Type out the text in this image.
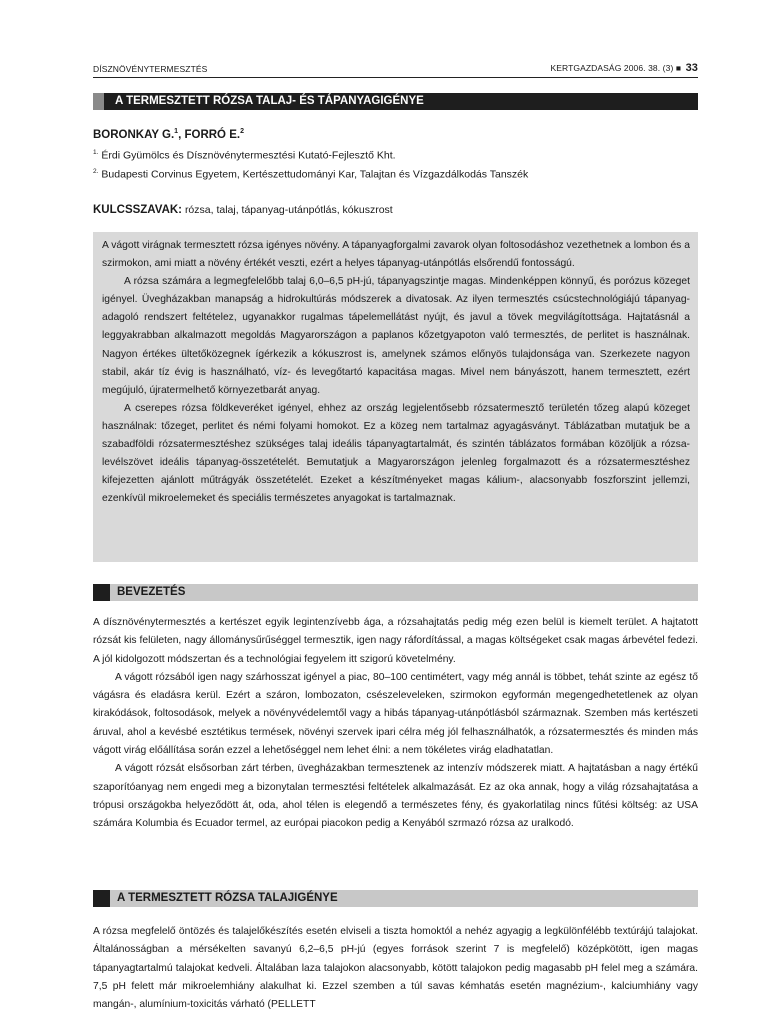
DÍSZNÖVÉNYTERMESZTÉS	KERTGAZDASÁG 2006. 38. (3) ■ 33
A TERMESZTETT RÓZSA TALAJ- ÉS TÁPANYAGIGÉNYE
BORONKAY G.$^1$, FORRÓ E.$^2$
$^{1.}$ Érdi Gyümölcs és Dísznövénytermesztési Kutató-Fejlesztő Kht.
$^{2.}$ Budapesti Corvinus Egyetem, Kertészettudományi Kar, Talajtan és Vízgazdálkodás Tanszék
KULCSSZAVAK: rózsa, talaj, tápanyag-utánpótlás, kókuszrost

A vágott virágnak termesztett rózsa igényes növény. A tápanyagforgalmi zavarok olyan foltosodáshoz vezethetnek a lombon és a szirmokon, ami miatt a növény értékét veszti, ezért a helyes tápanyag-utánpótlás elsőrendű fontosságú.

A rózsa számára a legmegfelelőbb talaj 6,0–6,5 pH-jú, tápanyagszintje magas. Mindenképpen könnyű, és porózus közeget igényel. Üvegházakban manapság a hidrokultúrás módszerek a divatosak. Az ilyen termesztés csúcstechnológiájú tápanyag-adagoló rendszert feltételez, ugyanakkor rugalmas tápelemellátást nyújt, és javul a tövek megvilágítottsága. Hajtatásnál a leggyakrabban alkalmazott megoldás Magyarországon a paplanos kőzetgyapoton való termesztés, de perlitet is használnak. Nagyon értékes ültetőközegnek ígérkezik a kókuszrost is, amelynek számos előnyös tulajdonsága van. Szerkezete nagyon stabil, akár tíz évig is használható, víz- és levegőtartó kapacitása magas. Mivel nem bányászott, hanem termesztett, ezért megújuló, újratermelhető környezetbarát anyag.

A cserepes rózsa földkeveréket igényel, ehhez az ország legjelentősebb rózsatermesztő területén tőzeg alapú közeget használnak: tőzeget, perlitet és némi folyami homokot. Ez a közeg nem tartalmaz agyagásványt. Táblázatban mutatjuk be a szabadföldi rózsatermesztéshez szükséges talaj ideális tápanyagtartalmát, és szintén táblázatos formában közöljük a rózsa-levélszövet ideális tápanyag-összetételét. Bemutatjuk a Magyarországon jelenleg forgalmazott és a rózsatermesztéshez kifejezetten ajánlott műtrágyák összetételét. Ezeket a készítményeket magas kálium-, alacsonyabb foszforszint jellemzi, ezenkívül mikroelemeket és speciális természetes anyagokat is tartalmaznak.

BEVEZETÉS

A dísznövénytermesztés a kertészet egyik legintenzívebb ága, a rózsahajtatás pedig még ezen belül is kiemelt terület. A hajtatott rózsát kis felületen, nagy állománysűrűséggel termesztik, igen nagy ráfordítással, a magas költségeket csak magas árbevétel fedezi. A jól kidolgozott módszertan és a technológiai fegyelem itt szigorú követelmény.

A vágott rózsából igen nagy szárhosszat igényel a piac, 80–100 centimétert, vagy még annál is többet, tehát szinte az egész tő vágásra és eladásra kerül. Ezért a száron, lombozaton, csészeleveleken, szirmokon egyformán megengedhetetlenek az olyan kirakódások, foltosodások, melyek a növényvédelemtől vagy a hibás tápanyag-utánpótlásból származnak. Szemben más kertészeti áruval, ahol a kevésbé esztétikus termések, növényi szervek ipari célra még jól felhasználhatók, a rózsatermesztés és minden más vágott virág előállítása során ezzel a lehetőséggel nem lehet élni: a nem tökéletes virág eladhatatlan.

A vágott rózsát elsősorban zárt térben, üvegházakban termesztenek az intenzív módszerek miatt. A hajtatásban a nagy értékű szaporítóanyag nem engedi meg a bizonytalan termesztési feltételek alkalmazását. Ez az oka annak, hogy a világ rózsahajtatása a trópusi országokba helyeződött át, oda, ahol télen is elegendő a természetes fény, és gyakorlatilag nincs fűtési költség: az USA számára Kolumbia és Ecuador termel, az európai piacokon pedig a Kenyából szrmazó rózsa az uralkodó.

A TERMESZTETT RÓZSA TALAJIGÉNYE

A rózsa megfelelő öntözés és talajelőkészítés esetén elviseli a tiszta homoktól a nehéz agyagig a legkülönfélébb textúrájú talajokat. Általánosságban a mérsékelten savanyú 6,2–6,5 pH-jú (egyes források szerint 7 is megfelelő) középkötött, igen magas tápanyagtartalmú talajokat kedveli. Általában laza talajokon alacsonyabb, kötött talajokon pedig magasabb pH felel meg a számára. 7,5 pH felett már mikroelemhiány alakulhat ki. Ezzel szemben a túl savas kémhatás esetén magnézium-, kalciumhiány vagy mangán-, alumínium-toxicitás várható (PELLETT
